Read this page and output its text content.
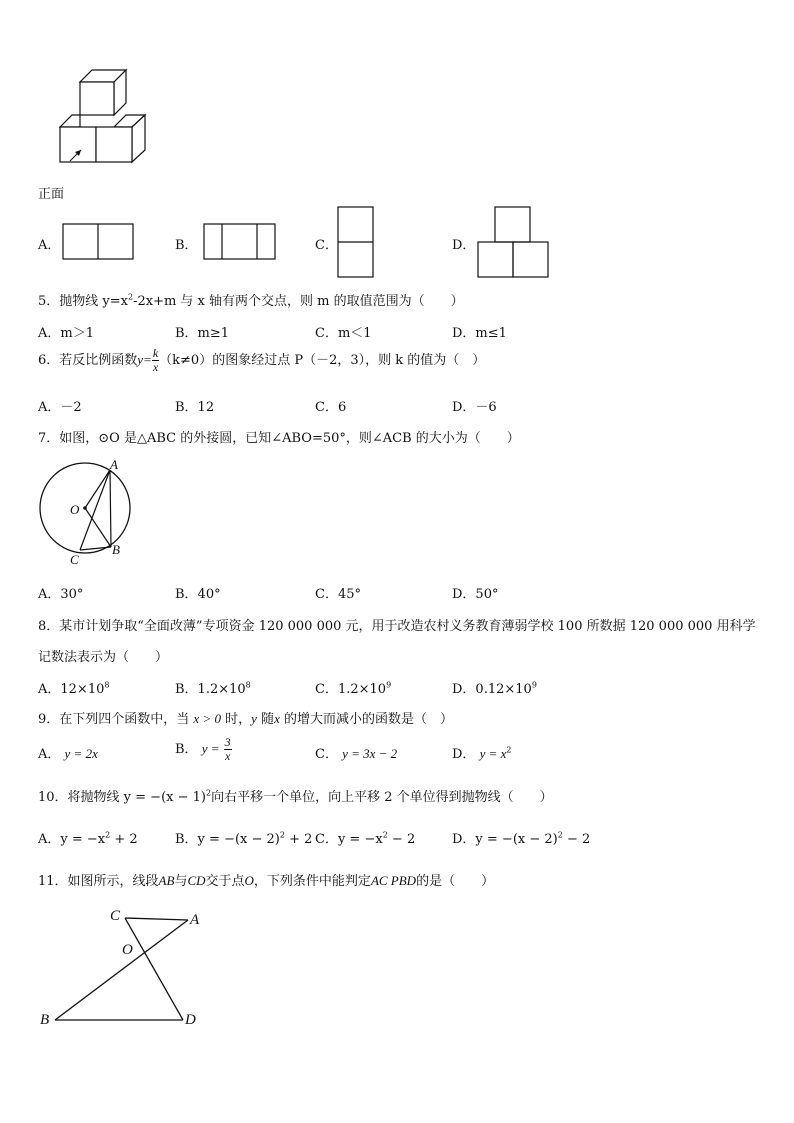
正面
A．	B．	C．	D．
5．抛物线 $y=x^2-2x+m$ 与 x 轴有两个交点，则 m 的取值范围为（　　）
A．m＞1	B．m≥1	C．m＜1	D．m≤1
6．若反比例函数$y= \frac{k}{x} (k\ne 0)$的图象经过点 P（－2，3），则 k 的值为（　）
A．－2	B．12	C．6	D．－6
7．如图，⊙O 是△ABC 的外接圆，已知∠ABO=50°，则∠ACB 的大小为（　　）
A
O
B
C
A．30°	B．40°	C．45°	D．50°
8．某市计划争取“全面改薄”专项资金 120 000 000 元，用于改造农村义务教育薄弱学校 100 所数据 120 000 000 用科学
记数法表示为（　　）
A．$12\times 10^8$	B．$1.2\times 10^8$	C．$1.2\times 10^9$	D．$0.12\times 10^9$
9．在下列四个函数中，当 x > 0 时，y 随x 的增大而减小的函数是（　）
A． y = 2x	B． $y = \frac{3}{x}$	C． y = 3x − 2	D． $y = x^2$
10．将抛物线 $y = -(x - 1)^2$向右平移一个单位，向上平移 2 个单位得到抛物线（　　）
A．$y = -x^2 + 2$	B．$y = -(x - 2)^2 + 2$ C．$y = -x^2 - 2$	D．$y = -(x - 2)^2 - 2$
11．如图所示，线段AB与CD交于点O，下列条件中能判定AC PBD的是（　　）
C	A
O
B	D
